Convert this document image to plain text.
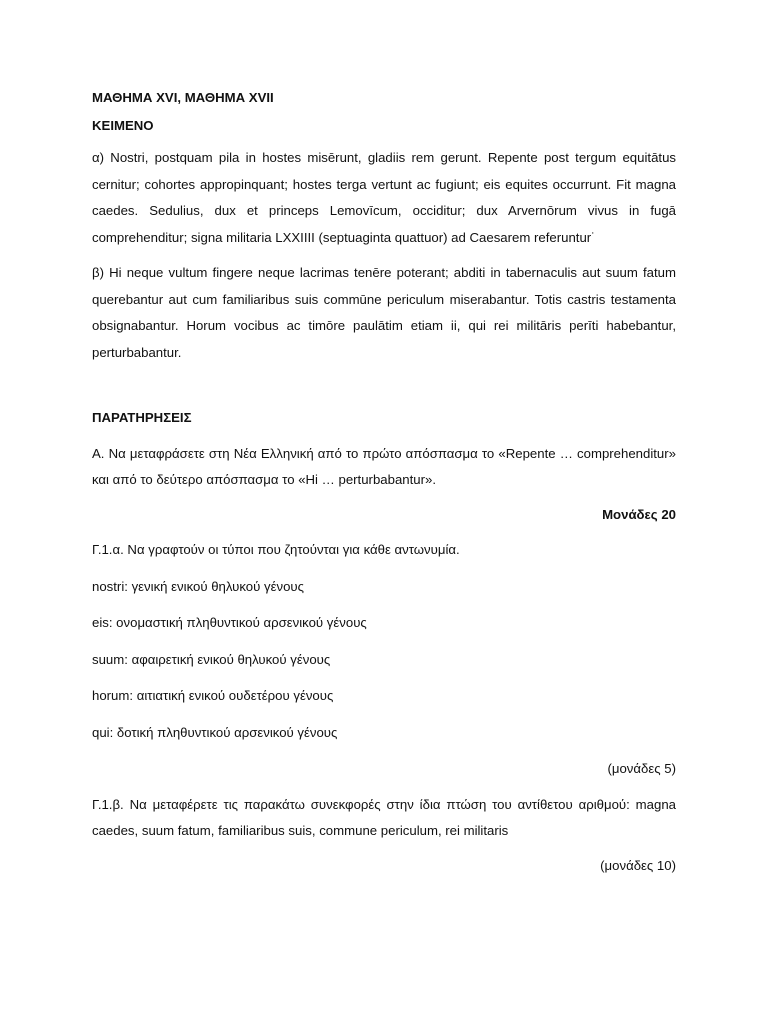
ΜΑΘΗΜΑ XVI, ΜΑΘΗΜΑ XVII

ΚΕΙΜΕΝΟ

α) Nostri, postquam pila in hostes misērunt, gladiis rem gerunt. Repente post tergum equitātus cernitur; cohortes appropinquant; hostes terga vertunt ac fugiunt; eis equites occurrunt. Fit magna caedes. Sedulius, dux et princeps Lemovīcum, occiditur; dux Arvernōrum vivus in fugā comprehenditur; signa militaria LXXIIII (septuaginta quattuor) ad Caesarem referuntur˙

β) Hi neque vultum fingere neque lacrimas tenēre poterant; abditi in tabernaculis aut suum fatum querebantur aut cum familiaribus suis commūne periculum miserabantur. Totis castris testamenta obsignabantur. Horum vocibus ac timōre paulātim etiam ii, qui rei militāris perīti habebantur, perturbabantur.

ΠΑΡΑΤΗΡΗΣΕΙΣ

Α. Να μεταφράσετε στη Νέα Ελληνική από το πρώτο απόσπασμα το «Repente … comprehenditur» και από το δεύτερο απόσπασμα το «Hi … perturbabantur».

Μονάδες 20

Γ.1.α. Να γραφτούν οι τύποι που ζητούνται για κάθε αντωνυμία.

nostri: γενική ενικού θηλυκού γένους

eis: ονομαστική πληθυντικού αρσενικού γένους

suum: αφαιρετική ενικού θηλυκού γένους

horum: αιτιατική ενικού ουδετέρου γένους

qui: δοτική πληθυντικού αρσενικού γένους

(μονάδες 5)

Γ.1.β. Να μεταφέρετε τις παρακάτω συνεκφορές στην ίδια πτώση του αντίθετου αριθμού: magna caedes, suum fatum, familiaribus suis, commune periculum, rei militaris

(μονάδες 10)
